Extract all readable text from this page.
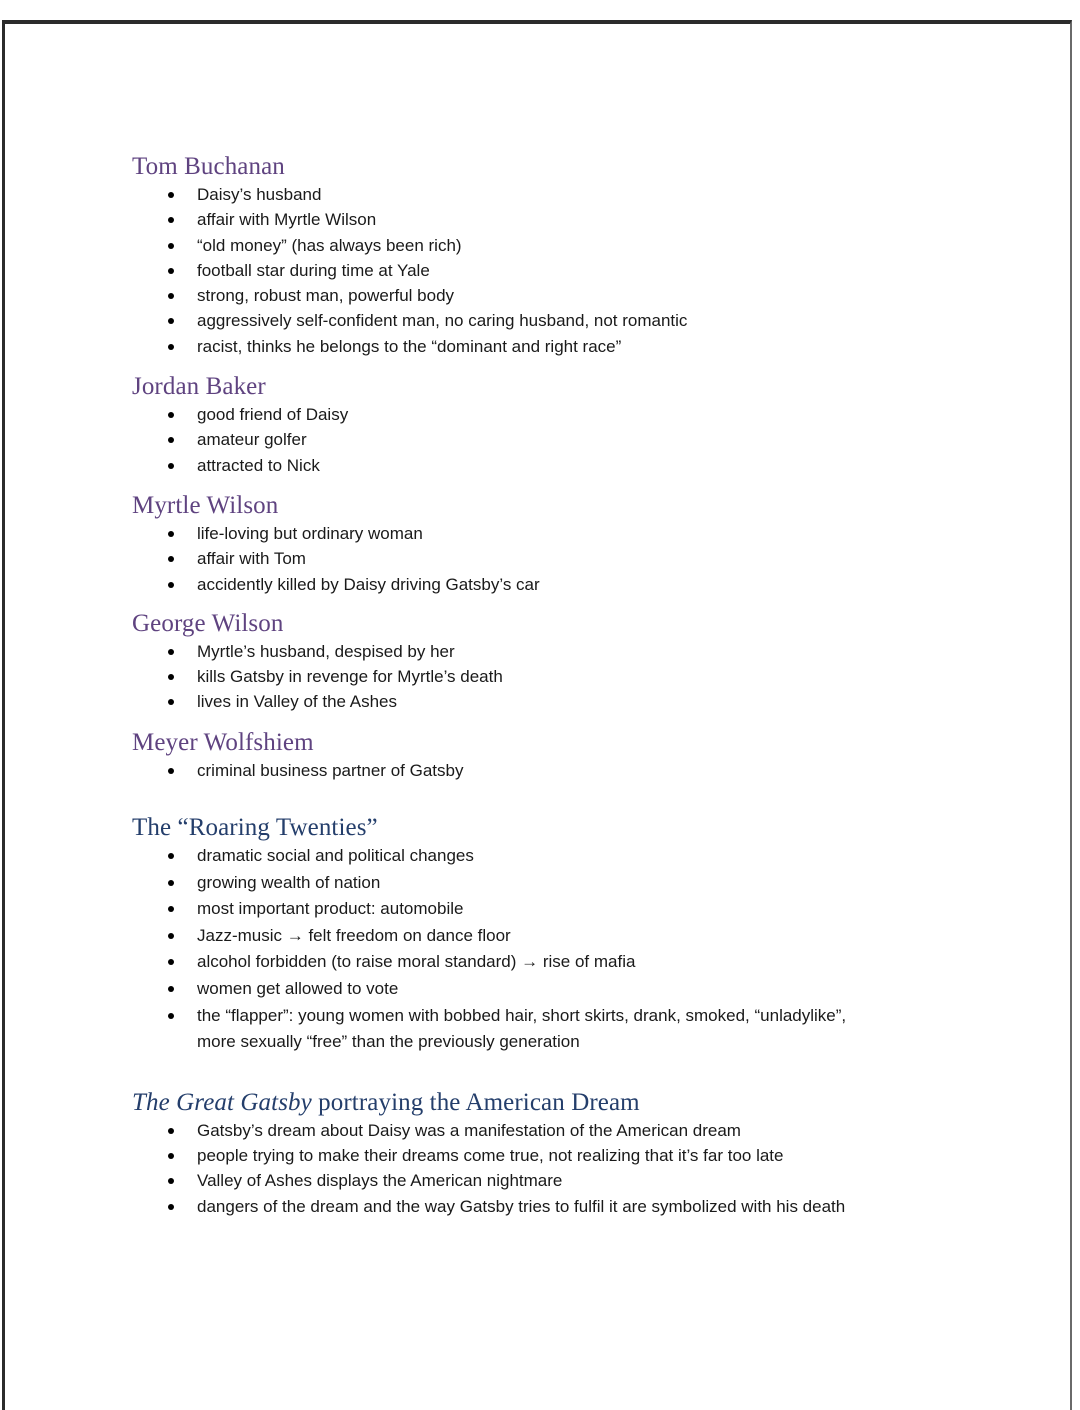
Tom Buchanan
Daisy’s husband
affair with Myrtle Wilson
“old money” (has always been rich)
football star during time at Yale
strong, robust man, powerful body
aggressively self-confident man, no caring husband, not romantic
racist, thinks he belongs to the “dominant and right race”
Jordan Baker
good friend of Daisy
amateur golfer
attracted to Nick
Myrtle Wilson
life-loving but ordinary woman
affair with Tom
accidently killed by Daisy driving Gatsby’s car
George Wilson
Myrtle’s husband, despised by her
kills Gatsby in revenge for Myrtle’s death
lives in Valley of the Ashes
Meyer Wolfshiem
criminal business partner of Gatsby
The “Roaring Twenties”
dramatic social and political changes
growing wealth of nation
most important product: automobile
Jazz-music → felt freedom on dance floor
alcohol forbidden (to raise moral standard) → rise of mafia
women get allowed to vote
the “flapper”: young women with bobbed hair, short skirts, drank, smoked, “unladylike”,
more sexually “free” than the previously generation
The Great Gatsby portraying the American Dream
Gatsby’s dream about Daisy was a manifestation of the American dream
people trying to make their dreams come true, not realizing that it’s far too late
Valley of Ashes displays the American nightmare
dangers of the dream and the way Gatsby tries to fulfil it are symbolized with his death
